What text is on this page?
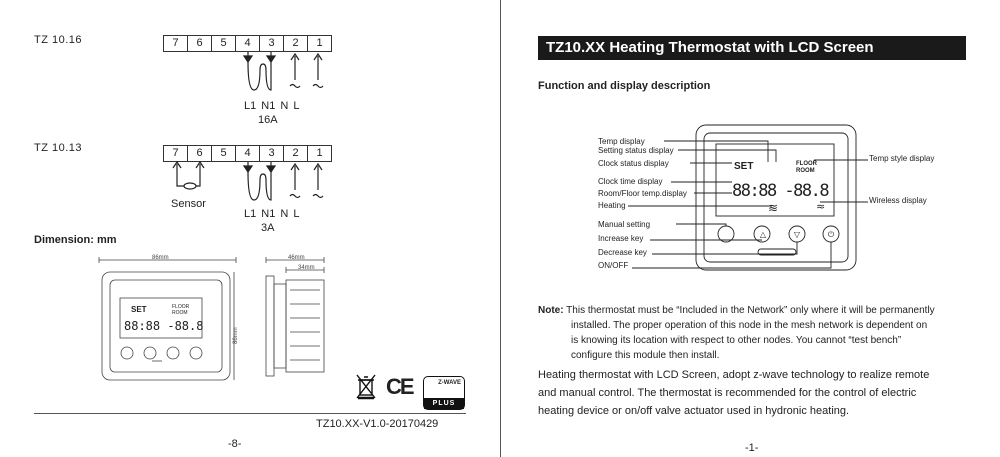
TZ 10.16	7	6	5	4	3	2	1
L1 N1 N L
16A
TZ 10.13	7	6	5	4	3	2	1
Sensor
L1 N1 N L
3A
Dimension: mm
86mm
SET	FLOOR
ROOM
88:88 -88.8
86mm
46mm
34mm
CE	Z-WAVE
PLUS
TZ10.XX-V1.0-20170429
-8-
TZ10.XX Heating Thermostat with LCD Screen
Function and display description
Temp display
Setting status display
Clock status display
Clock time display
Room/Floor temp.display
Heating
Manual setting
Increase key
Decrease key
ON/OFF
Temp style display
Wireless display
SET	FLOOR
ROOM
88:88 -88.8
≋	≈
△	▽	⏻
Note: This thermostat must be “Included in the Network” only where it will be permanently
installed. The proper operation of this node in the mesh network is dependent on
is knowing its location with respect to other nodes. You cannot “test bench”
configure this module then install.
Heating thermostat with LCD Screen, adopt z-wave technology to realize remote
and manual control. The thermostat is recommended for the control of electric
heating device or on/off valve actuator used in hydronic heating.
-1-
